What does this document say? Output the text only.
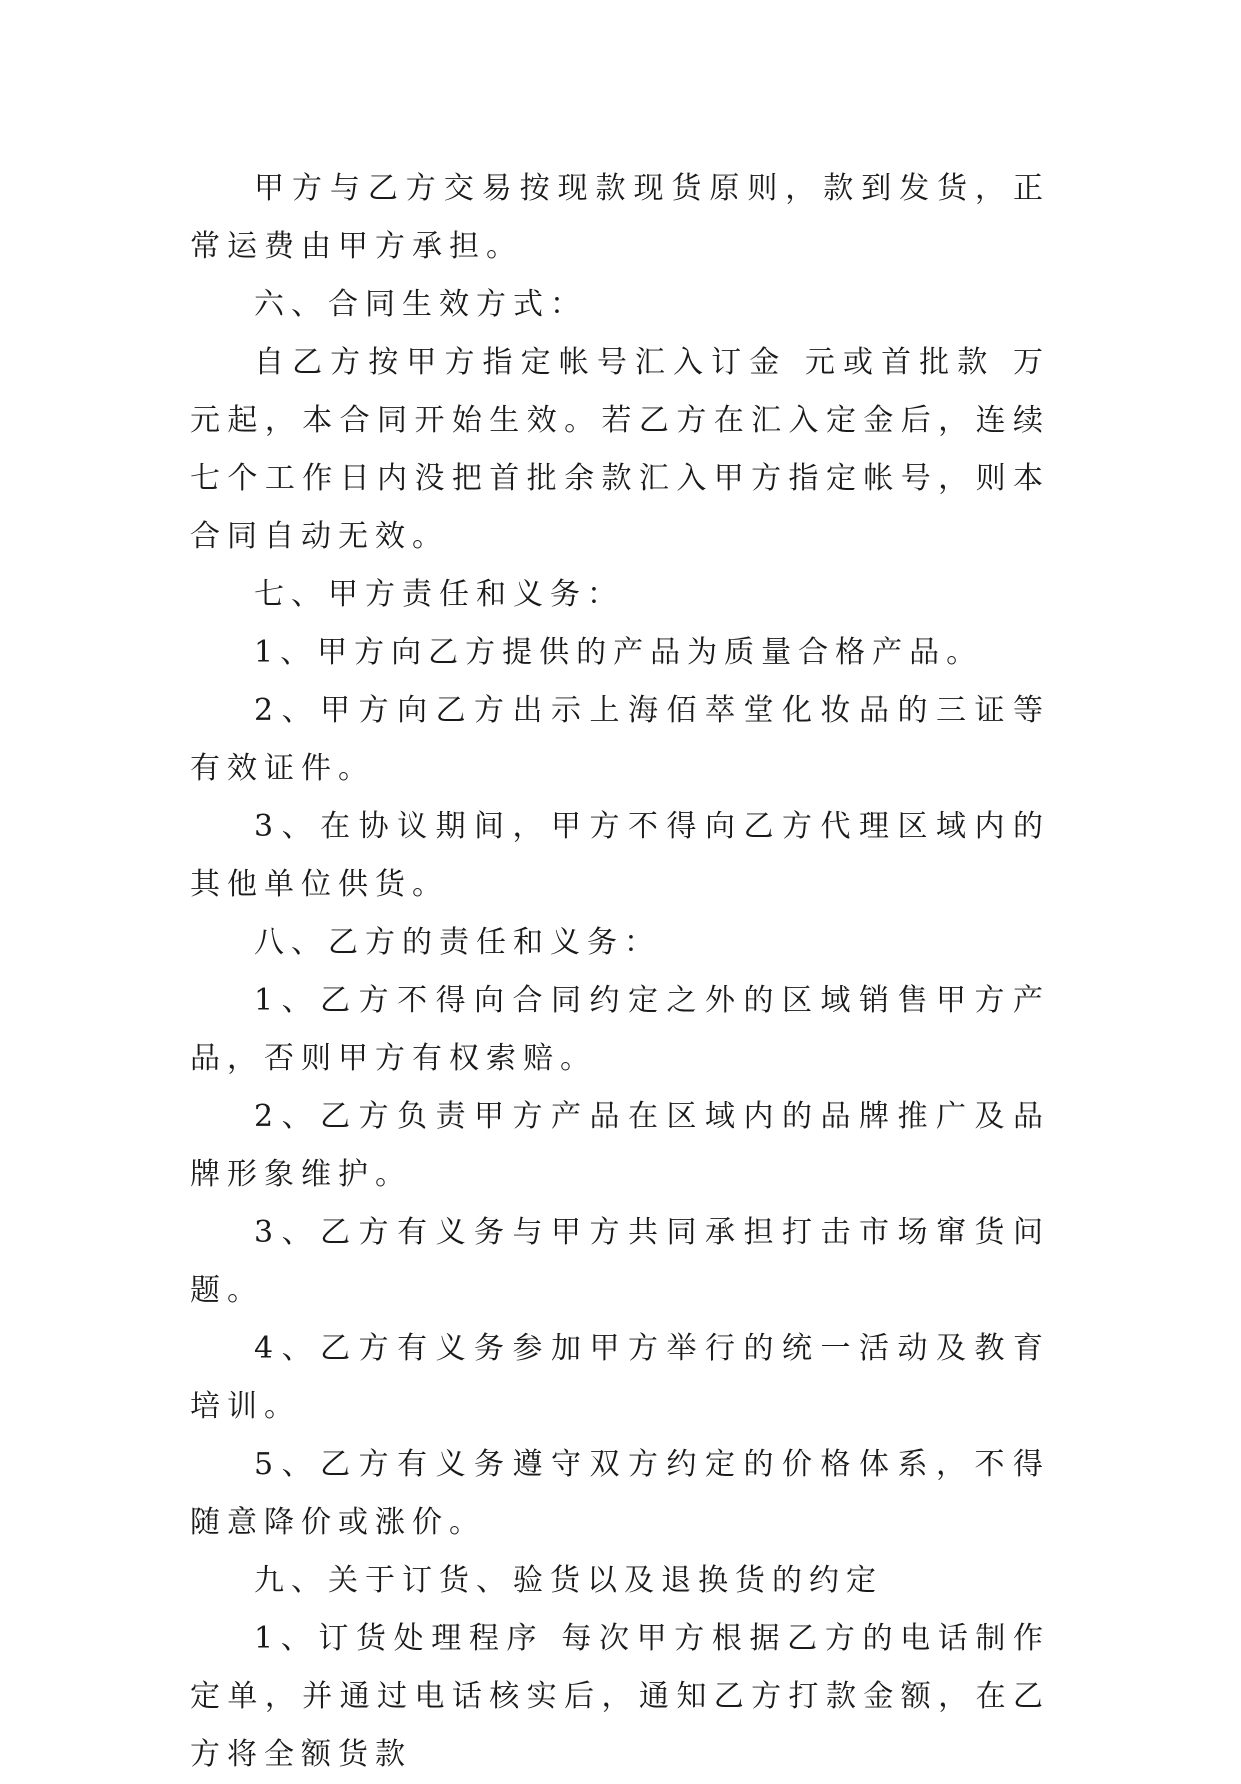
甲方与乙方交易按现款现货原则，款到发货，正常运费由甲方承担。

六、合同生效方式：

自乙方按甲方指定帐号汇入订金 元或首批款 万元起，本合同开始生效。若乙方在汇入定金后，连续七个工作日内没把首批余款汇入甲方指定帐号，则本合同自动无效。

七、甲方责任和义务：

1、甲方向乙方提供的产品为质量合格产品。

2、甲方向乙方出示上海佰萃堂化妆品的三证等有效证件。

3、在协议期间，甲方不得向乙方代理区域内的其他单位供货。

八、乙方的责任和义务：

1、乙方不得向合同约定之外的区域销售甲方产品，否则甲方有权索赔。

2、乙方负责甲方产品在区域内的品牌推广及品牌形象维护。

3、乙方有义务与甲方共同承担打击市场窜货问题。

4、乙方有义务参加甲方举行的统一活动及教育培训。

5、乙方有义务遵守双方约定的价格体系，不得随意降价或涨价。

九、关于订货、验货以及退换货的约定

1、订货处理程序 每次甲方根据乙方的电话制作定单，并通过电话核实后，通知乙方打款金额，在乙方将全额货款
